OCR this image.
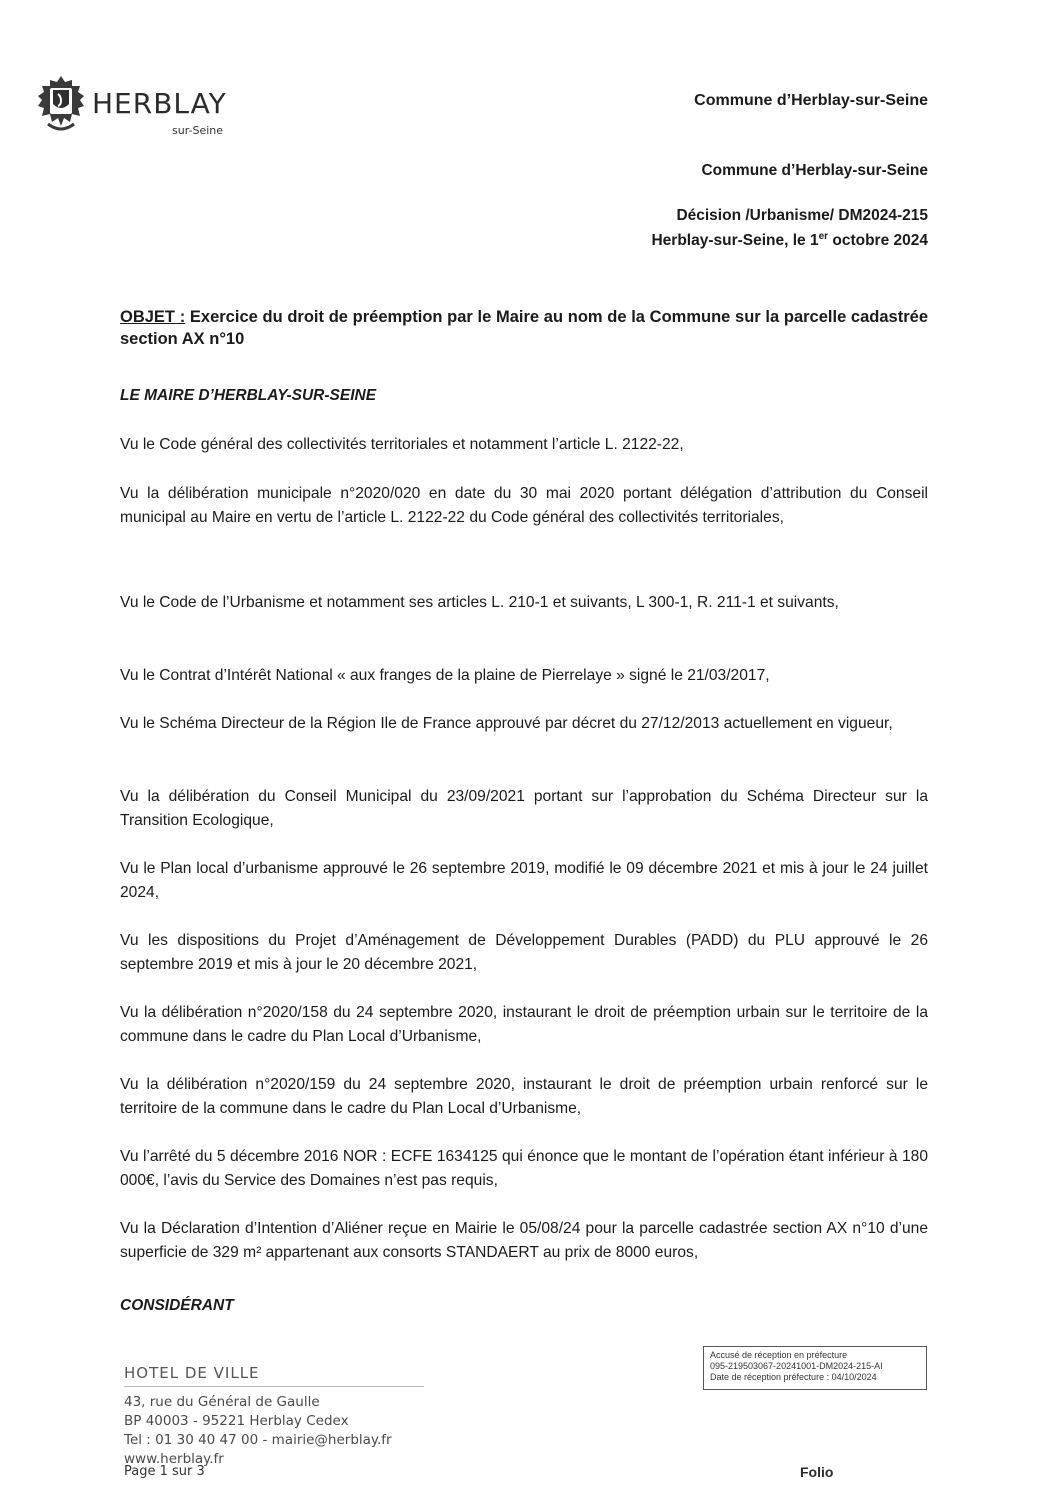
HERBLAY
sur-Seine
Commune d’Herblay-sur-Seine
Commune d’Herblay-sur-Seine
Décision /Urbanisme/ DM2024-215
Herblay-sur-Seine, le 1er octobre 2024
OBJET : Exercice du droit de préemption par le Maire au nom de la Commune sur la parcelle cadastrée section AX n°10
LE MAIRE D’HERBLAY-SUR-SEINE
Vu le Code général des collectivités territoriales et notamment l’article L. 2122-22,
Vu la délibération municipale n°2020/020 en date du 30 mai 2020 portant délégation d’attribution du Conseil municipal au Maire en vertu de l’article L. 2122-22 du Code général des collectivités territoriales,
Vu le Code de l’Urbanisme et notamment ses articles L. 210-1 et suivants, L 300-1, R. 211-1 et suivants,
Vu le Contrat d’Intérêt National « aux franges de la plaine de Pierrelaye » signé le 21/03/2017,
Vu le Schéma Directeur de la Région Ile de France approuvé par décret du 27/12/2013 actuellement en vigueur,
Vu la délibération du Conseil Municipal du 23/09/2021 portant sur l’approbation du Schéma Directeur sur la Transition Ecologique,
Vu le Plan local d’urbanisme approuvé le 26 septembre 2019, modifié le 09 décembre 2021 et mis à jour le 24 juillet 2024,
Vu les dispositions du Projet d’Aménagement de Développement Durables (PADD) du PLU approuvé le 26 septembre 2019 et mis à jour le 20 décembre 2021,
Vu la délibération n°2020/158 du 24 septembre 2020, instaurant le droit de préemption urbain sur le territoire de la commune dans le cadre du Plan Local d’Urbanisme,
Vu la délibération n°2020/159 du 24 septembre 2020, instaurant le droit de préemption urbain renforcé sur le territoire de la commune dans le cadre du Plan Local d’Urbanisme,
Vu l’arrêté du 5 décembre 2016 NOR : ECFE 1634125 qui énonce que le montant de l’opération étant inférieur à 180 000€, l’avis du Service des Domaines n’est pas requis,
Vu la Déclaration d’Intention d’Aliéner reçue en Mairie le 05/08/24 pour la parcelle cadastrée section AX n°10 d’une superficie de 329 m² appartenant aux consorts STANDAERT au prix de 8000 euros,
CONSIDÉRANT
HOTEL DE VILLE
43, rue du Général de Gaulle
BP 40003 - 95221 Herblay Cedex
Tel : 01 30 40 47 00 - mairie@herblay.fr
www.herblay.fr
Page 1 sur 3
Accusé de réception en préfecture
095-219503067-20241001-DM2024-215-AI
Date de réception préfecture : 04/10/2024
Folio
